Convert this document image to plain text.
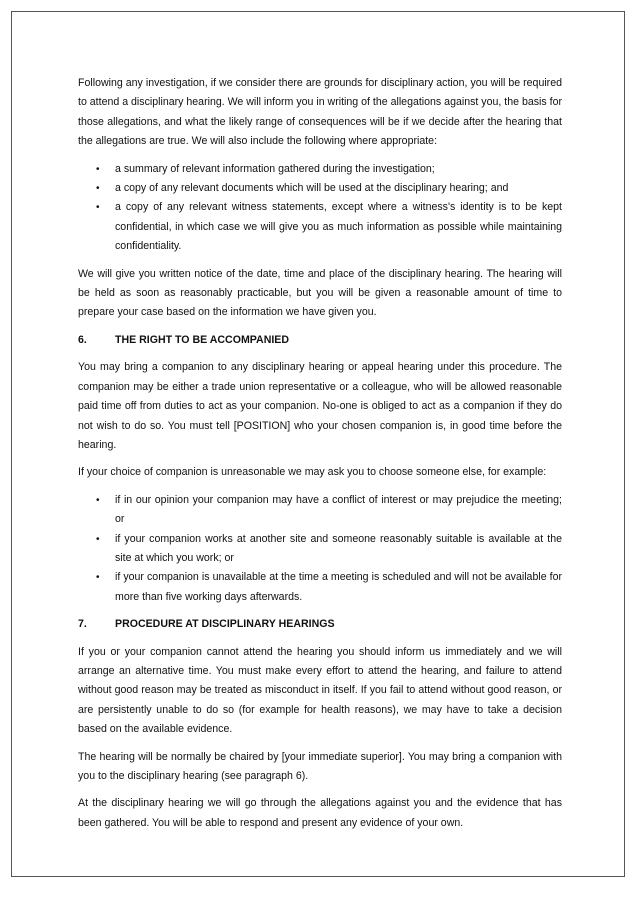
Following any investigation, if we consider there are grounds for disciplinary action, you will be required to attend a disciplinary hearing. We will inform you in writing of the allegations against you, the basis for those allegations, and what the likely range of consequences will be if we decide after the hearing that the allegations are true. We will also include the following where appropriate:

• a summary of relevant information gathered during the investigation;
• a copy of any relevant documents which will be used at the disciplinary hearing; and
• a copy of any relevant witness statements, except where a witness's identity is to be kept confidential, in which case we will give you as much information as possible while maintaining confidentiality.

We will give you written notice of the date, time and place of the disciplinary hearing. The hearing will be held as soon as reasonably practicable, but you will be given a reasonable amount of time to prepare your case based on the information we have given you.

6.	THE RIGHT TO BE ACCOMPANIED

You may bring a companion to any disciplinary hearing or appeal hearing under this procedure. The companion may be either a trade union representative or a colleague, who will be allowed reasonable paid time off from duties to act as your companion. No-one is obliged to act as a companion if they do not wish to do so. You must tell [POSITION] who your chosen companion is, in good time before the hearing.

If your choice of companion is unreasonable we may ask you to choose someone else, for example:

• if in our opinion your companion may have a conflict of interest or may prejudice the meeting; or
• if your companion works at another site and someone reasonably suitable is available at the site at which you work; or
• if your companion is unavailable at the time a meeting is scheduled and will not be available for more than five working days afterwards.
7.	PROCEDURE AT DISCIPLINARY HEARINGS

If you or your companion cannot attend the hearing you should inform us immediately and we will arrange an alternative time. You must make every effort to attend the hearing, and failure to attend without good reason may be treated as misconduct in itself. If you fail to attend without good reason, or are persistently unable to do so (for example for health reasons), we may have to take a decision based on the available evidence.

The hearing will be normally be chaired by [your immediate superior]. You may bring a companion with you to the disciplinary hearing (see paragraph 6).

At the disciplinary hearing we will go through the allegations against you and the evidence that has been gathered. You will be able to respond and present any evidence of your own.
